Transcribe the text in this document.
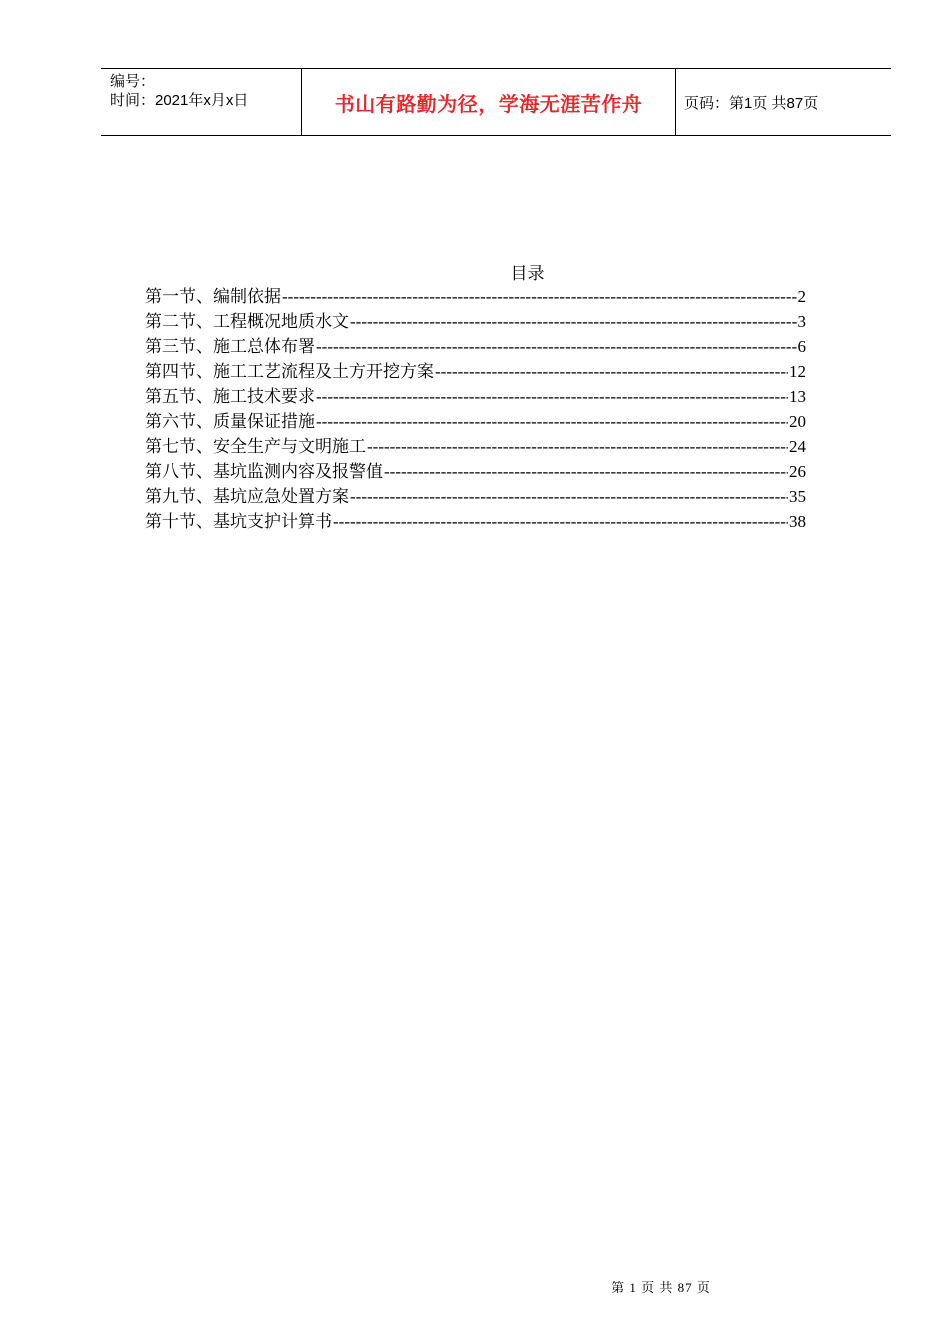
编号：
时间：2021年x月x日	书山有路勤为径，学海无涯苦作舟	页码：第1页 共87页
目录
第一节、编制依据 -----	2
第二节、工程概况地质水文 -----	3
第三节、施工总体布署 -----	6
第四节、施工工艺流程及土方开挖方案 -----	12
第五节、施工技术要求 -----	13
第六节、质量保证措施 -----	20
第七节、安全生产与文明施工 -----	24
第八节、基坑监测内容及报警值 -----	26
第九节、基坑应急处置方案 -----	35
第十节、基坑支护计算书 -----	38
第 1 页 共 87 页
